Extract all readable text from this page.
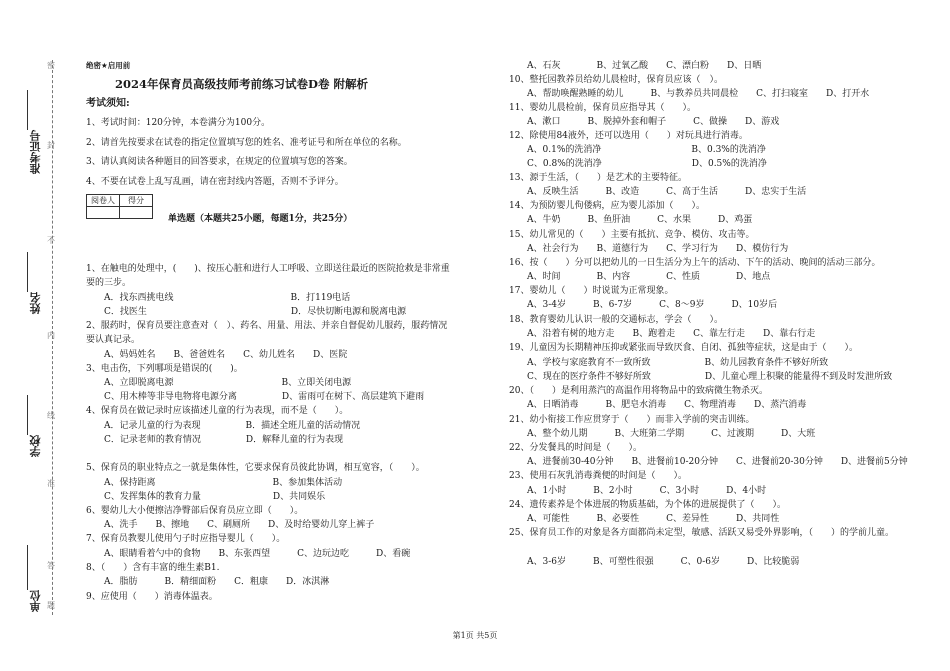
准考证号
姓名
学校
单位
密
封
线
内
不
准
答
题
绝密★启用前
2024年保育员高级技师考前练习试卷D卷 附解析
考试须知:
1、考试时间：120分钟，本卷满分为100分。
2、请首先按要求在试卷的指定位置填写您的姓名、准考证号和所在单位的名称。
3、请认真阅读各种题目的回答要求，在规定的位置填写您的答案。
4、不要在试卷上乱写乱画，请在密封线内答题，否则不予评分。
阅卷人	得分

单选题（本题共25小题，每题1分，共25分）
1、在触电的处理中，(　　)、按压心脏和进行人工呼吸、立即送往最近的医院抢救是非常重
要的三步。
　　A．找东西挑电线　　　　　　　　　　　　　B．打119电话
　　C．找医生　　　　　　　　　　　　　　　　D．尽快切断电源和脱离电源
2、服药时，保育员要注意查对（　）、药名、用量、用法、并亲自督促幼儿服药，服药情况
要认真记录。
　　A、妈妈姓名　　B、爸爸姓名　　C、幼儿姓名　　D、医院
3、电击伤，下列哪项是错误的(　　)。
　　A、立即脱离电源　　　　　　　　　　　　B、立即关闭电源
　　C、用木棒等非导电物将电源分离　　　　　D、雷雨可在树下、高层建筑下避雨
4、保育员在做记录时应该描述儿童的行为表现，而不是（　　）。
　　A．记录儿童的行为表现　　　　　B．描述全班儿童的活动情况
　　C．记录老师的教育情况　　　　　D．解释儿童的行为表现
5、保育员的职业特点之一就是集体性，它要求保育员彼此协调，相互宽容，（　　）。
　　A、保持距离　　　　　　　　　　　　　B、参加集体活动
　　C、发挥集体的教育力量　　　　　　　　D、共同娱乐
6、婴幼儿大小便擦洁净臀部后保育员应立即（　　）。
　　A、洗手　　B、擦地　　C、刷厕所　　D、及时给婴幼儿穿上裤子
7、保育员教婴儿使用勺子时应指导婴儿（　　）。
　　A、眼睛看着勺中的食物　　B、东张西望　　　C、边玩边吃　　　D、看碗
8、（　　）含有丰富的维生素B1.
　　A．脂肪　　　B．精细面粉　　C．粗康　　D．冰淇淋
9、应使用（　　）消毒体温表。
　　A、石灰　　　　B、过氧乙酸　　C、漂白粉　　D、日晒
10、整托园教养员给幼儿晨检时，保育员应该（　）。
　　A、帮助唤醒熟睡的幼儿　　　B、与教养员共同晨检　　C、打扫寝室　　D、打开水
11、婴幼儿晨检前，保育员应指导其（　　）。
　　A、漱口　　　B、脱掉外套和帽子　　　C、做操　　D、游戏
12、除使用84液外，还可以选用（　　）对玩具进行消毒。
　　A、0.1%的洗消净　　　　　　　　　　B、0.3%的洗消净
　　C、0.8%的洗消净　　　　　　　　　　D、0.5%的洗消净
13、源于生活，（　　）是艺术的主要特征。
　　A、反映生活　　　B、改造　　　C、高于生活　　　D、忠实于生活
14、为预防婴儿佝偻病，应为婴儿添加（　　）。
　　A、牛奶　　　B、鱼肝油　　　C、水果　　　D、鸡蛋
15、幼儿常见的（　　）主要有抵抗、竞争、模仿、攻击等。
　　A、社会行为　　B、道德行为　　C、学习行为　　D、模仿行为
16、按（　　）分可以把幼儿的一日生活分为上午的活动、下午的活动、晚间的活动三部分。
　　A、时间　　　　B、内容　　　　C、性质　　　　D、地点
17、婴幼儿（　　）时说谎为正常现象。
　　A、3-4岁　　　B、6-7岁　　　C、8～9岁　　　D、10岁后
18、教育婴幼儿认识一般的交通标志，学会（　　）。
　　A、沿着有树的地方走　　B、跑着走　　C、靠左行走　　D、靠右行走
19、儿童因为长期精神压抑或紧张而导致厌食、自闭、孤独等症状，这是由于（　　）。
　　A、学校与家庭教育不一致所致　　　　　　B、幼儿园教育条件不够好所致
　　C、现在的医疗条件不够好所致　　　　　　D、儿童心理上积聚的能量得不到及时发泄所致
20、（　　）是利用蒸汽的高温作用将物品中的致病微生物杀灭。
　　A、日晒消毒　　　B、肥皂水消毒　　C、物理消毒　　D、蒸汽消毒
21、幼小衔接工作应贯穿于（　　）而非入学前的突击训练。
　　A、整个幼儿期　　　B、大班第二学期　　　C、过渡期　　　D、大班
22、分发餐具的时间是（　　）。
　　A、进餐前30-40分钟　　B、进餐前10-20分钟　　C、进餐前20-30分钟　　D、进餐前5分钟
23、使用石灰乳消毒粪便的时间是（　　）。
　　A、1小时　　　B、2小时　　　C、3小时　　　D、4小时
24、遗传素养是个体进展的物质基础，为个体的进展提供了（　　）。
　　A、可能性　　　B、必要性　　　C、差异性　　　D、共同性
25、保育员工作的对象是各方面都尚未定型，敏感、活跃又易受外界影响，（　　）的学前儿童。
　　A、3-6岁　　　B、可塑性很强　　　C、0-6岁　　　D、比较脆弱
第1页 共5页
